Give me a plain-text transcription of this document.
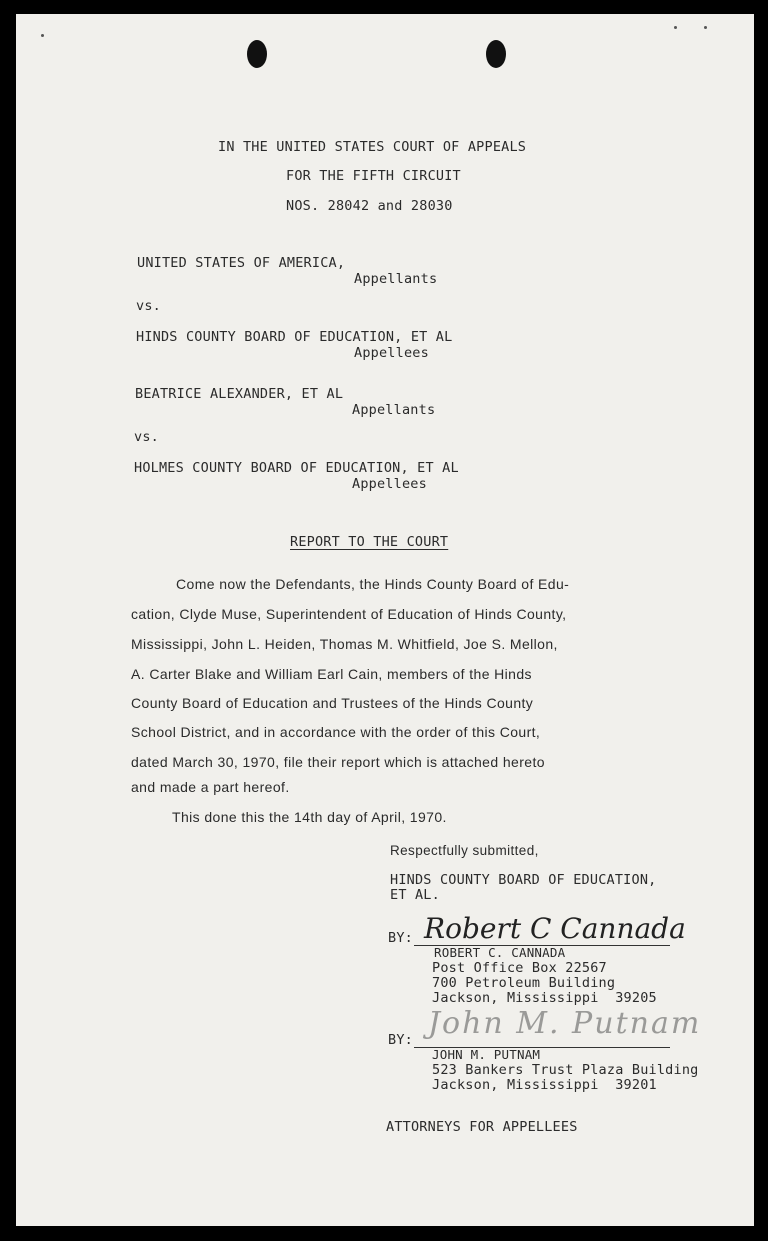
IN THE UNITED STATES COURT OF APPEALS
FOR THE FIFTH CIRCUIT
NOS. 28042 and 28030
UNITED STATES OF AMERICA,
Appellants
vs.
HINDS COUNTY BOARD OF EDUCATION, ET AL
Appellees
BEATRICE ALEXANDER, ET AL
Appellants
vs.
HOLMES COUNTY BOARD OF EDUCATION, ET AL
Appellees
REPORT TO THE COURT
Come now the Defendants, the Hinds County Board of Edu-
cation, Clyde Muse, Superintendent of Education of Hinds County,
Mississippi, John L. Heiden, Thomas M. Whitfield, Joe S. Mellon,
A. Carter Blake and William Earl Cain, members of the Hinds
County Board of Education and Trustees of the Hinds County
School District, and in accordance with the order of this Court,
dated March 30, 1970, file their report which is attached hereto
and made a part hereof.
This done this the 14th day of April, 1970.
Respectfully submitted,
HINDS COUNTY BOARD OF EDUCATION,
ET AL.
BY: Robert C Cannada
ROBERT C. CANNADA
Post Office Box 22567
700 Petroleum Building
Jackson, Mississippi  39205
BY: John M. Putnam
JOHN M. PUTNAM
523 Bankers Trust Plaza Building
Jackson, Mississippi  39201
ATTORNEYS FOR APPELLEES
